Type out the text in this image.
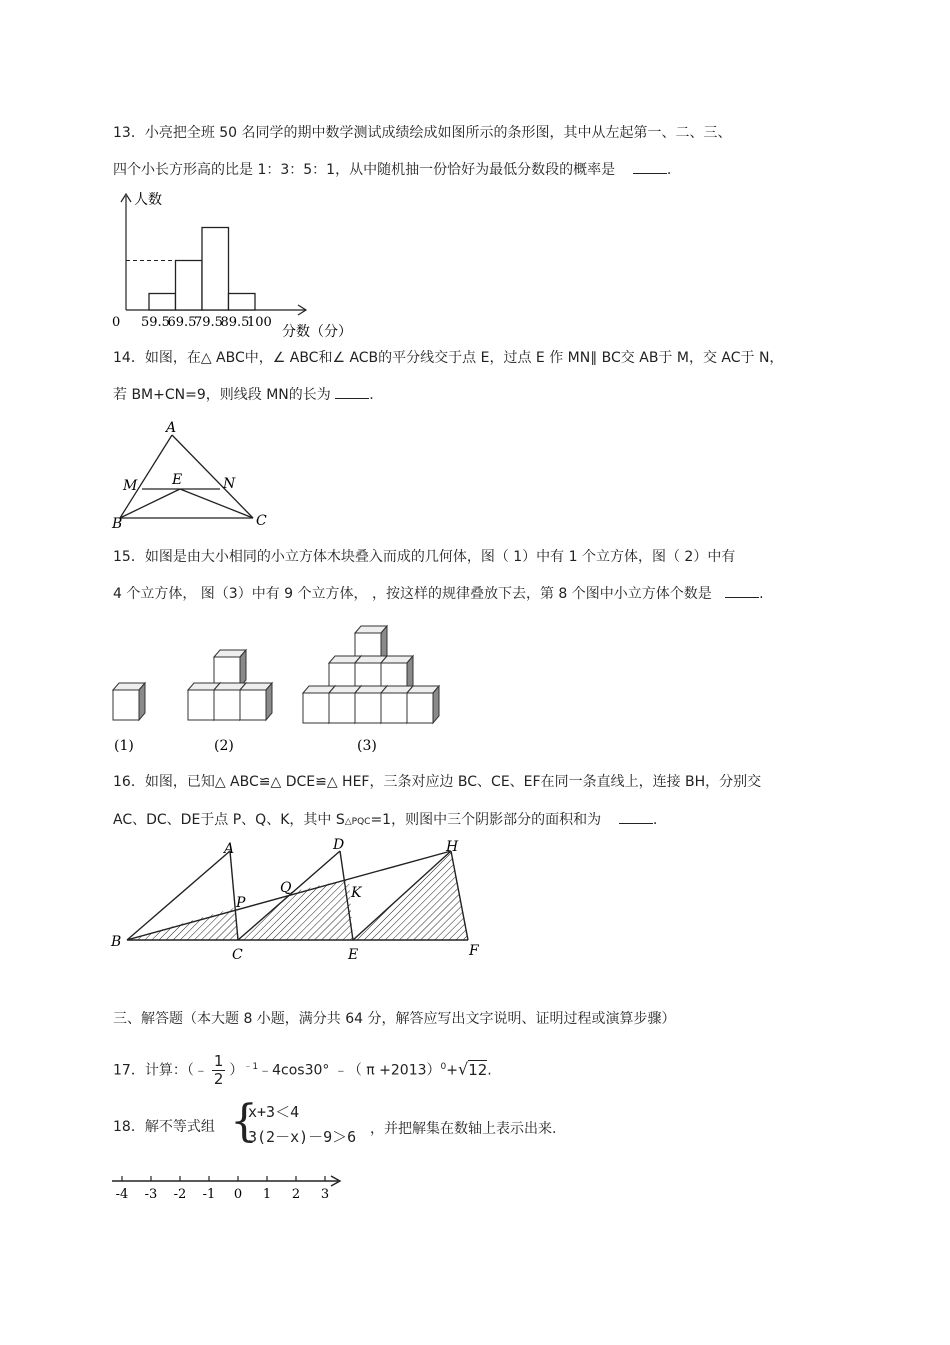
13．小亮把全班 50 名同学的期中数学测试成绩绘成如图所示的条形图，其中从左起第一、二、三、
四个小长方形高的比是 1：3：5：1，从中随机抽一份恰好为最低分数段的概率是	.
人数
0 59.5
69.5
79.5
89.5
100
分数（分）
14．如图，在△ ABC中，∠ ABC和∠ ACB的平分线交于点 E，过点 E 作 MN∥ BC交 AB于 M，交 AC于 N，
若 BM+CN=9，则线段 MN的长为	.
A
M E	N
B	C
15．如图是由大小相同的小立方体木块叠入而成的几何体，图（ 1）中有 1 个立方体，图（ 2）中有
4 个立方体， 图（3）中有 9 个立方体， ，按这样的规律叠放下去，第 8 个图中小立方体个数是	.
(1)	(2)	(3)
16．如图，已知△ ABC≌△ DCE≌△ HEF，三条对应边 BC、CE、EF在同一条直线上，连接 BH，分别交
AC、DC、DE于点 P、Q、K，其中 S△PQC=1，则图中三个阴影部分的面积和为	.
A	D	H
P
Q	K
B
C	E	F
三、解答题（本大题 8 小题，满分共 64 分，解答应写出文字说明、证明过程或演算步骤）
17．计算：（﹣ $\frac{1}{2}$ ）$^{﹣1}$﹣4cos30° ﹣（ π +2013）$^0$+√12.
18．解不等式组 {
x+3＜4
3(2－x)－9＞6 ，并把解集在数轴上表示出来.
-4 -3 -2 -1 0 1 2 3
